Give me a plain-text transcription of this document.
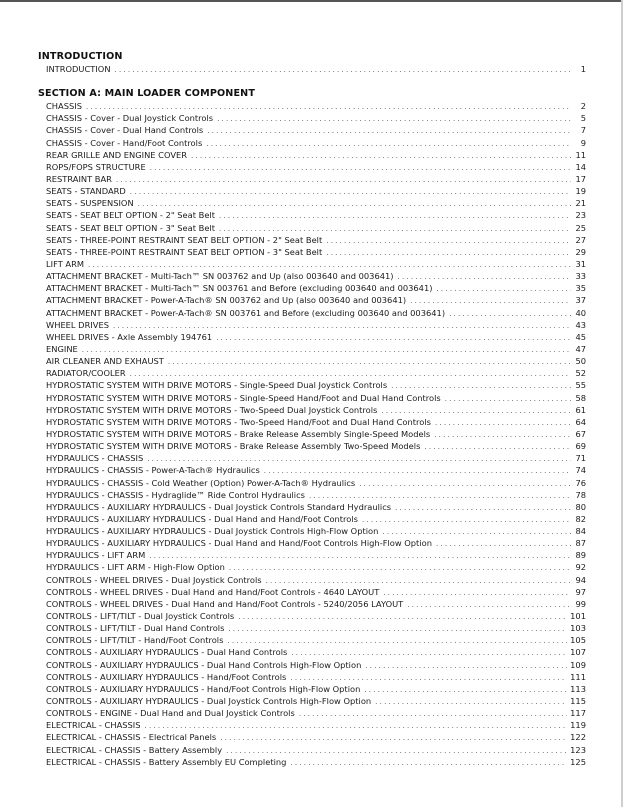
INTRODUCTION
INTRODUCTION . . .	1
SECTION A: MAIN LOADER COMPONENT
CHASSIS . . .	2
CHASSIS - Cover - Dual Joystick Controls . . .	5
CHASSIS - Cover - Dual Hand Controls . . .	7
CHASSIS - Cover - Hand/Foot Controls . . .	9
REAR GRILLE AND ENGINE COVER . . .	11
ROPS/FOPS STRUCTURE . . .	14
RESTRAINT BAR . . .	17
SEATS - STANDARD . . .	19
SEATS - SUSPENSION . . .	21
SEATS - SEAT BELT OPTION - 2" Seat Belt . . .	23
SEATS - SEAT BELT OPTION - 3" Seat Belt . . .	25
SEATS - THREE-POINT RESTRAINT SEAT BELT OPTION - 2" Seat Belt . . .	27
SEATS - THREE-POINT RESTRAINT SEAT BELT OPTION - 3" Seat Belt . . .	29
LIFT ARM . . .	31
ATTACHMENT BRACKET - Multi-Tach™ SN 003762 and Up (also 003640 and 003641) . . .	33
ATTACHMENT BRACKET - Multi-Tach™ SN 003761 and Before (excluding 003640 and 003641) . . .	35
ATTACHMENT BRACKET - Power-A-Tach® SN 003762 and Up (also 003640 and 003641) . . .	37
ATTACHMENT BRACKET - Power-A-Tach® SN 003761 and Before (excluding 003640 and 003641) . . .	40
WHEEL DRIVES . . .	43
WHEEL DRIVES - Axle Assembly 194761 . . .	45
ENGINE . . .	47
AIR CLEANER AND EXHAUST . . .	50
RADIATOR/COOLER . . .	52
HYDROSTATIC SYSTEM WITH DRIVE MOTORS - Single-Speed Dual Joystick Controls . . .	55
HYDROSTATIC SYSTEM WITH DRIVE MOTORS - Single-Speed Hand/Foot and Dual Hand Controls . . .	58
HYDROSTATIC SYSTEM WITH DRIVE MOTORS - Two-Speed Dual Joystick Controls . . .	61
HYDROSTATIC SYSTEM WITH DRIVE MOTORS - Two-Speed Hand/Foot and Dual Hand Controls . . .	64
HYDROSTATIC SYSTEM WITH DRIVE MOTORS - Brake Release Assembly Single-Speed Models . . .	67
HYDROSTATIC SYSTEM WITH DRIVE MOTORS - Brake Release Assembly Two-Speed Models . . .	69
HYDRAULICS - CHASSIS . . .	71
HYDRAULICS - CHASSIS - Power-A-Tach® Hydraulics . . .	74
HYDRAULICS - CHASSIS - Cold Weather (Option) Power-A-Tach® Hydraulics . . .	76
HYDRAULICS - CHASSIS - Hydraglide™ Ride Control Hydraulics . . .	78
HYDRAULICS - AUXILIARY HYDRAULICS - Dual Joystick Controls Standard Hydraulics . . .	80
HYDRAULICS - AUXILIARY HYDRAULICS - Dual Hand and Hand/Foot Controls . . .	82
HYDRAULICS - AUXILIARY HYDRAULICS - Dual Joystick Controls High-Flow Option . . .	84
HYDRAULICS - AUXILIARY HYDRAULICS - Dual Hand and Hand/Foot Controls High-Flow Option . . .	87
HYDRAULICS - LIFT ARM . . .	89
HYDRAULICS - LIFT ARM - High-Flow Option . . .	92
CONTROLS - WHEEL DRIVES - Dual Joystick Controls . . .	94
CONTROLS - WHEEL DRIVES - Dual Hand and Hand/Foot Controls - 4640 LAYOUT . . .	97
CONTROLS - WHEEL DRIVES - Dual Hand and Hand/Foot Controls - 5240/2056 LAYOUT . . .	99
CONTROLS - LIFT/TILT - Dual Joystick Controls . . .	101
CONTROLS - LIFT/TILT - Dual Hand Controls . . .	103
CONTROLS - LIFT/TILT - Hand/Foot Controls . . .	105
CONTROLS - AUXILIARY HYDRAULICS - Dual Hand Controls . . .	107
CONTROLS - AUXILIARY HYDRAULICS - Dual Hand Controls High-Flow Option . . .	109
CONTROLS - AUXILIARY HYDRAULICS - Hand/Foot Controls . . .	111
CONTROLS - AUXILIARY HYDRAULICS - Hand/Foot Controls High-Flow Option . . .	113
CONTROLS - AUXILIARY HYDRAULICS - Dual Joystick Controls High-Flow Option . . .	115
CONTROLS - ENGINE - Dual Hand and Dual Joystick Controls . . .	117
ELECTRICAL - CHASSIS . . .	119
ELECTRICAL - CHASSIS - Electrical Panels . . .	122
ELECTRICAL - CHASSIS - Battery Assembly . . .	123
ELECTRICAL - CHASSIS - Battery Assembly EU Completing . . .	125
